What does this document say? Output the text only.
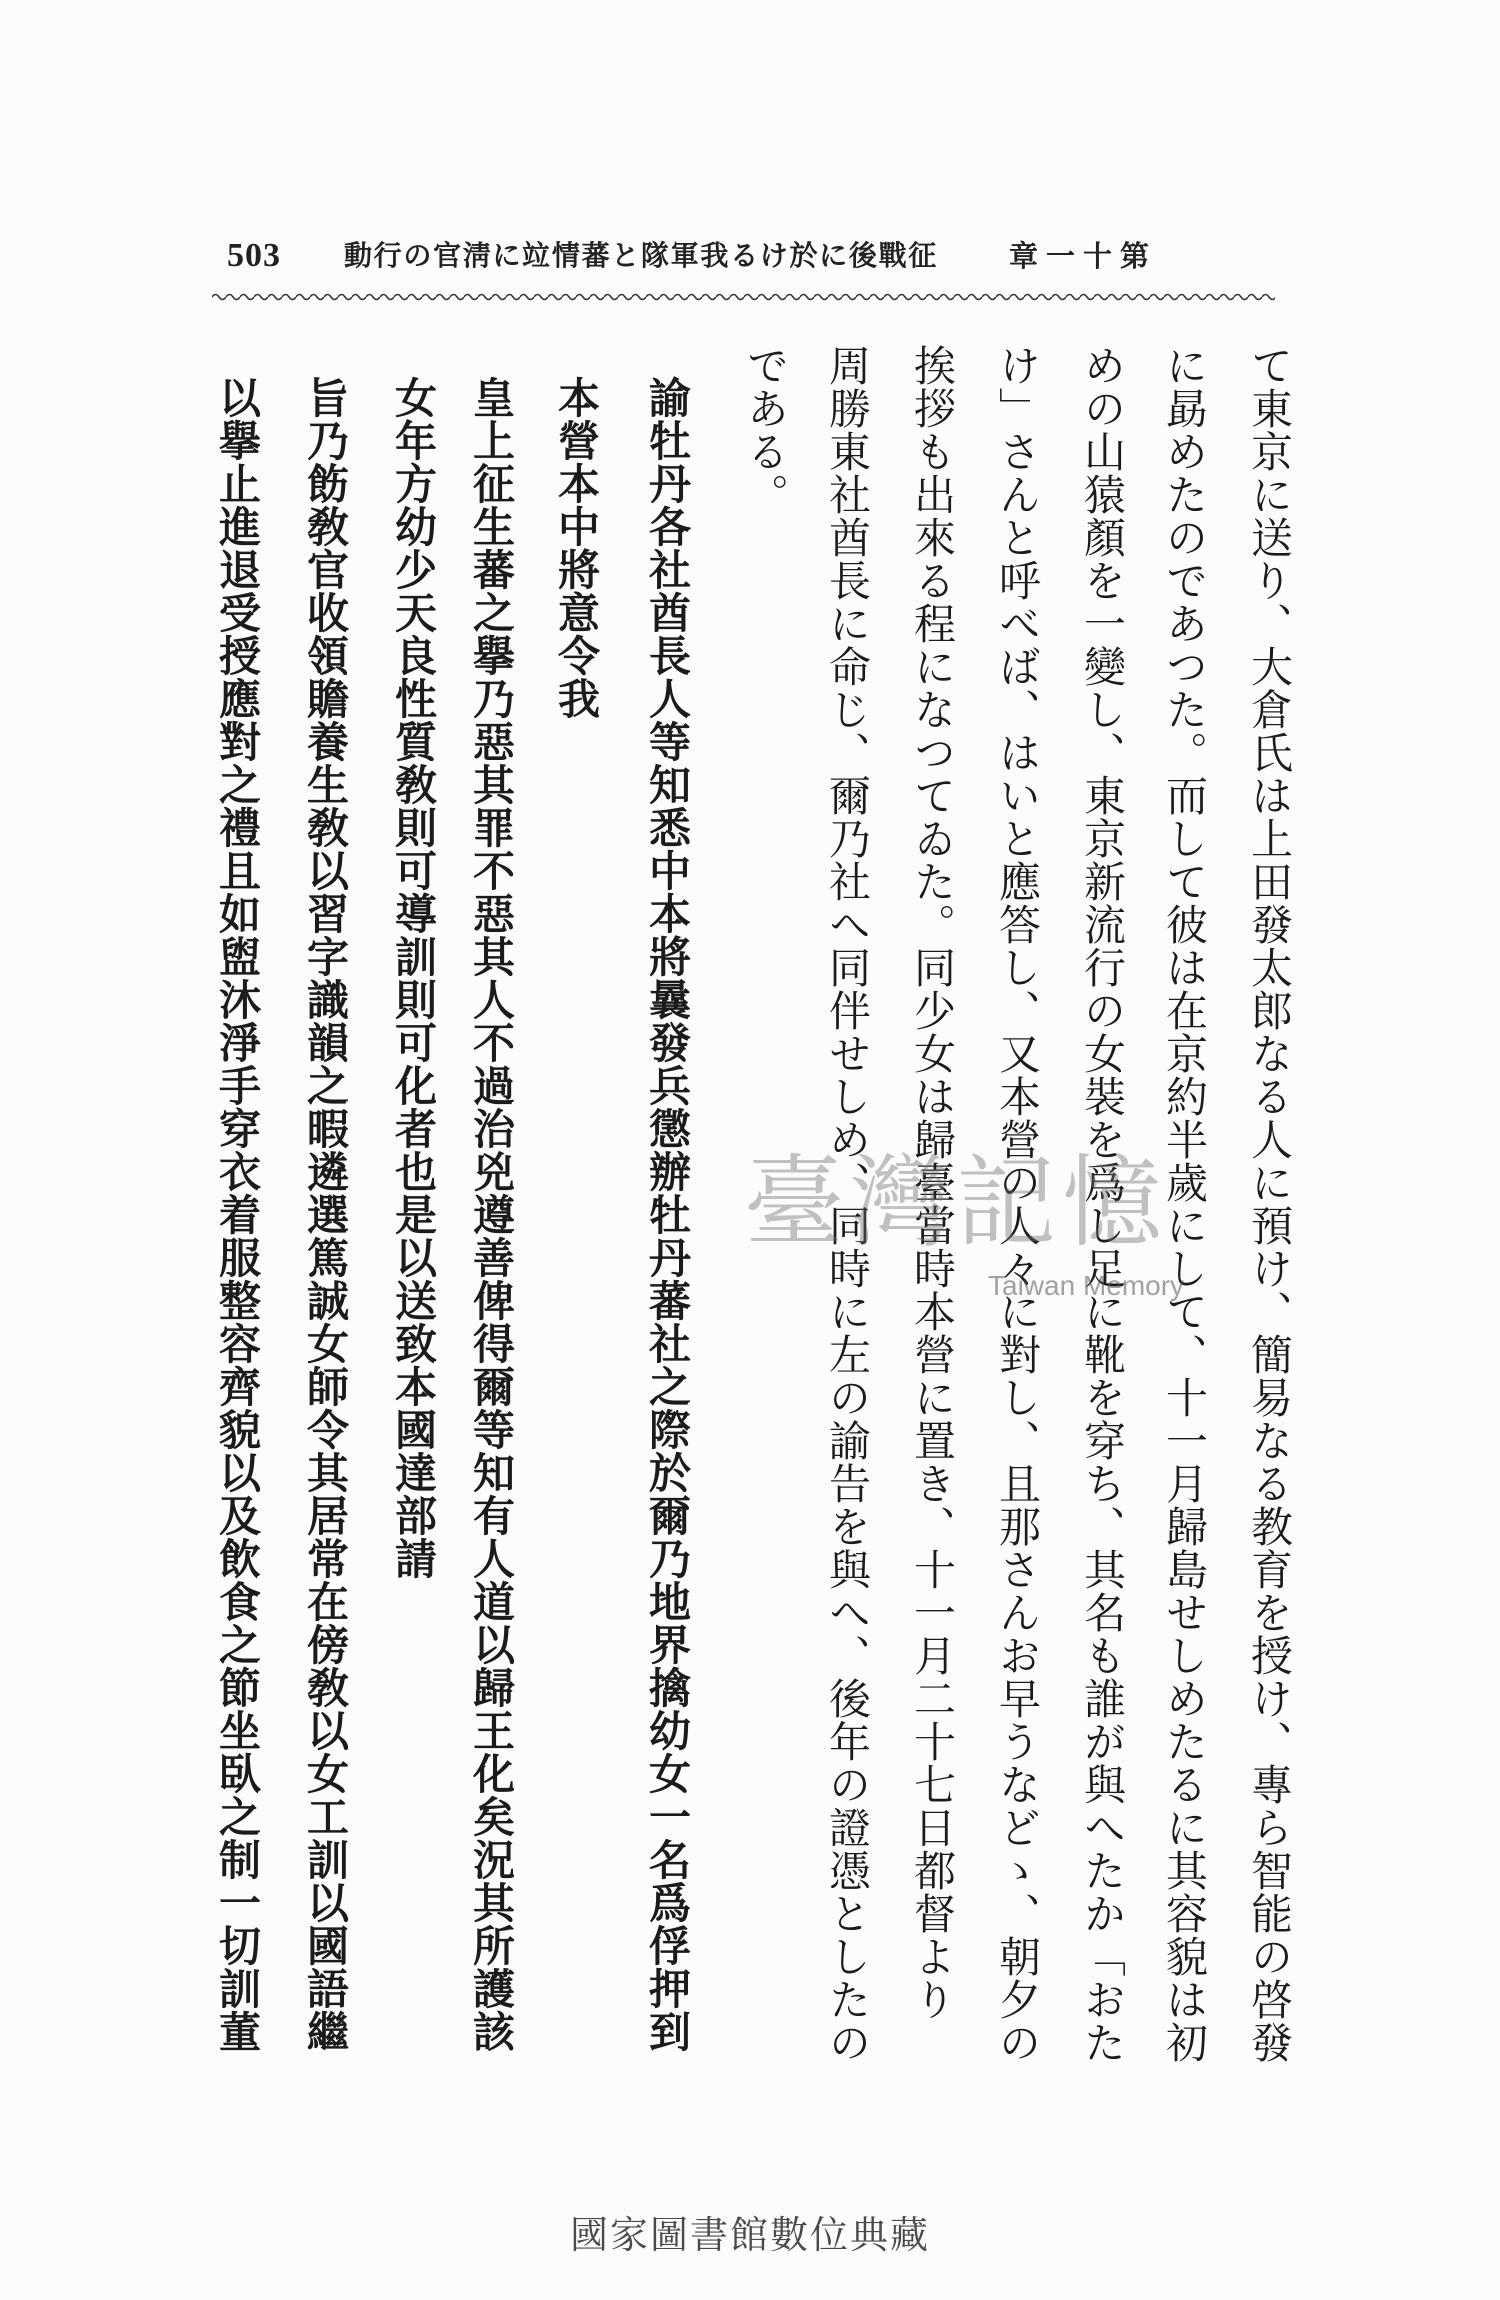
503 征戰後に於ける我軍隊と蕃情竝に淸官の行動 第十一章
て東京に送り、大倉氏は上田發太郎なる人に預け、簡易なる教育を授け、專ら智能の啓發
に勗めたのであつた。而して彼は在京約半歲にして、十一月歸島せしめたるに其容貌は初
めの山猿顏を一變し、東京新流行の女裝を爲し足に靴を穿ち、其名も誰が與へたか「おた
け」さんと呼べば、はいと應答し、又本營の人々に對し、且那さんお早うなどゝ、朝夕の
挨拶も出來る程になつてゐた。同少女は歸臺當時本營に置き、十一月二十七日都督より
周勝東社酋長に命じ、爾乃社へ同伴せしめ、同時に左の諭告を與へ、後年の證憑としたの
である。
諭牡丹各社酋長人等知悉中本將曩發兵懲辦牡丹蕃社之際於爾乃地界擒幼女一名爲俘押到
本營本中將意令我
皇上征生蕃之擧乃惡其罪不惡其人不過治兇遵善俾得爾等知有人道以歸王化矣況其所護該
女年方幼少天良性質敎則可導訓則可化者也是以送致本國達部請
旨乃飭敎官收領贍養生敎以習字識韻之暇遴選篤誠女師令其居常在傍敎以女工訓以國語繼
以擧止進退受授應對之禮且如盥沐淨手穿衣着服整容齊貌以及飲食之節坐臥之制一切訓董	臺灣記憶
Taiwan Memory
國家圖書館數位典藏
